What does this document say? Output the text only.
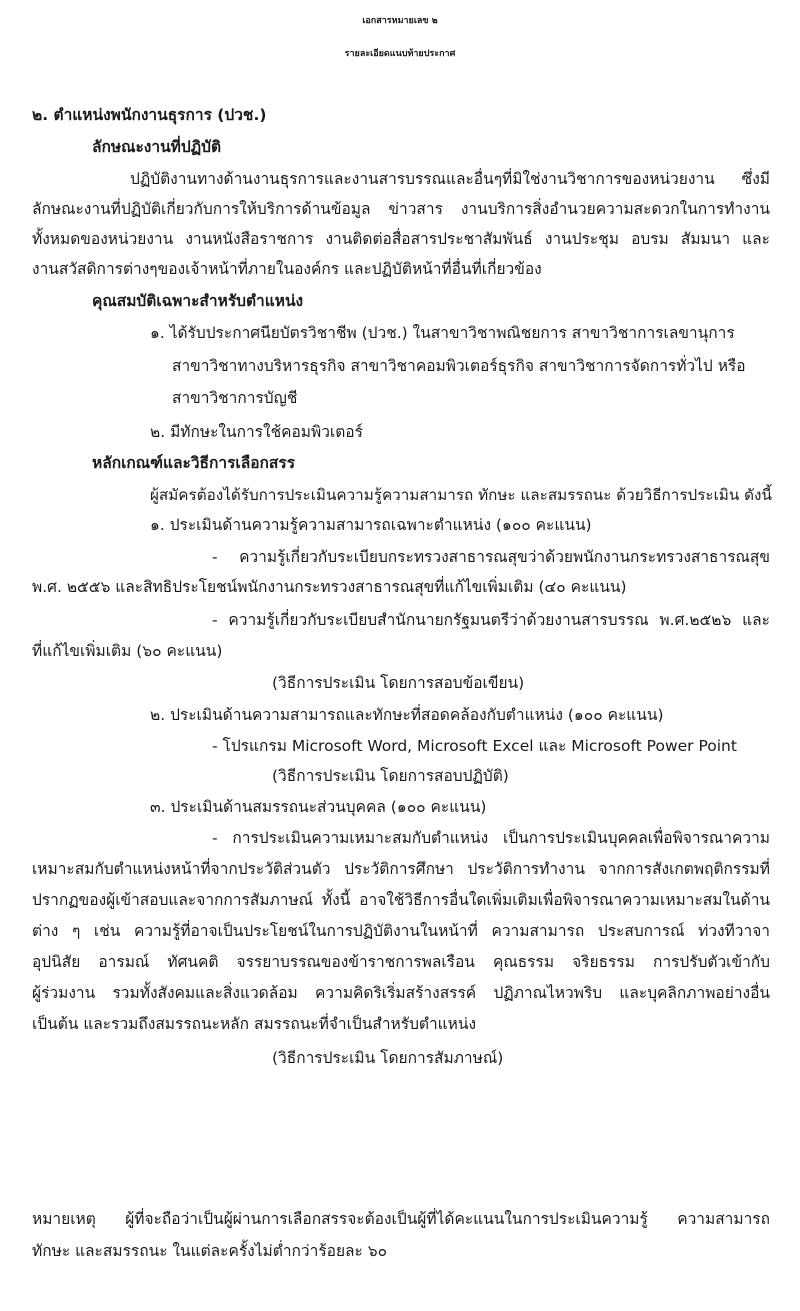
เอกสารหมายเลข ๒
รายละเอียดแนบท้ายประกาศ
๒. ตำแหน่งพนักงานธุรการ (ปวช.)
ลักษณะงานที่ปฏิบัติ
ปฏิบัติงานทางด้านงานธุรการและงานสารบรรณและอื่นๆที่มิใช่งานวิชาการของหน่วยงาน ซึ่งมี
ลักษณะงานที่ปฏิบัติเกี่ยวกับการให้บริการด้านข้อมูล ข่าวสาร งานบริการสิ่งอำนวยความสะดวกในการทำงาน
ทั้งหมดของหน่วยงาน งานหนังสือราชการ งานติดต่อสื่อสารประชาสัมพันธ์ งานประชุม อบรม สัมมนา และ
งานสวัสดิการต่างๆของเจ้าหน้าที่ภายในองค์กร และปฏิบัติหน้าที่อื่นที่เกี่ยวข้อง
คุณสมบัติเฉพาะสำหรับตำแหน่ง
๑. ได้รับประกาศนียบัตรวิชาชีพ (ปวช.) ในสาขาวิชาพณิชยการ สาขาวิชาการเลขานุการ
สาขาวิชาทางบริหารธุรกิจ สาขาวิชาคอมพิวเตอร์ธุรกิจ สาขาวิชาการจัดการทั่วไป หรือ
สาขาวิชาการบัญชี
๒. มีทักษะในการใช้คอมพิวเตอร์
หลักเกณฑ์และวิธีการเลือกสรร
ผู้สมัครต้องได้รับการประเมินความรู้ความสามารถ ทักษะ และสมรรถนะ ด้วยวิธีการประเมิน ดังนี้
๑. ประเมินด้านความรู้ความสามารถเฉพาะตำแหน่ง (๑๐๐ คะแนน)
- ความรู้เกี่ยวกับระเบียบกระทรวงสาธารณสุขว่าด้วยพนักงานกระทรวงสาธารณสุข
พ.ศ. ๒๕๕๖ และสิทธิประโยชน์พนักงานกระทรวงสาธารณสุขที่แก้ไขเพิ่มเติม (๔๐ คะแนน)
- ความรู้เกี่ยวกับระเบียบสำนักนายกรัฐมนตรีว่าด้วยงานสารบรรณ พ.ศ.๒๕๒๖ และ
ที่แก้ไขเพิ่มเติม (๖๐ คะแนน)
(วิธีการประเมิน โดยการสอบข้อเขียน)
๒. ประเมินด้านความสามารถและทักษะที่สอดคล้องกับตำแหน่ง (๑๐๐ คะแนน)
- โปรแกรม Microsoft Word, Microsoft Excel และ Microsoft Power Point
(วิธีการประเมิน โดยการสอบปฏิบัติ)
๓. ประเมินด้านสมรรถนะส่วนบุคคล (๑๐๐ คะแนน)
- การประเมินความเหมาะสมกับตำแหน่ง เป็นการประเมินบุคคลเพื่อพิจารณาความ
เหมาะสมกับตำแหน่งหน้าที่จากประวัติส่วนตัว ประวัติการศึกษา ประวัติการทำงาน จากการสังเกตพฤติกรรมที่
ปรากฏของผู้เข้าสอบและจากการสัมภาษณ์ ทั้งนี้ อาจใช้วิธีการอื่นใดเพิ่มเติมเพื่อพิจารณาความเหมาะสมในด้าน
ต่าง ๆ เช่น ความรู้ที่อาจเป็นประโยชน์ในการปฏิบัติงานในหน้าที่ ความสามารถ ประสบการณ์ ท่วงทีวาจา
อุปนิสัย อารมณ์ ทัศนคติ จรรยาบรรณของข้าราชการพลเรือน คุณธรรม จริยธรรม การปรับตัวเข้ากับ
ผู้ร่วมงาน รวมทั้งสังคมและสิ่งแวดล้อม ความคิดริเริ่มสร้างสรรค์ ปฏิภาณไหวพริบ และบุคลิกภาพอย่างอื่น
เป็นต้น และรวมถึงสมรรถนะหลัก สมรรถนะที่จำเป็นสำหรับตำแหน่ง
(วิธีการประเมิน โดยการสัมภาษณ์)
หมายเหตุ ผู้ที่จะถือว่าเป็นผู้ผ่านการเลือกสรรจะต้องเป็นผู้ที่ได้คะแนนในการประเมินความรู้ ความสามารถ
ทักษะ และสมรรถนะ ในแต่ละครั้งไม่ต่ำกว่าร้อยละ ๖๐
